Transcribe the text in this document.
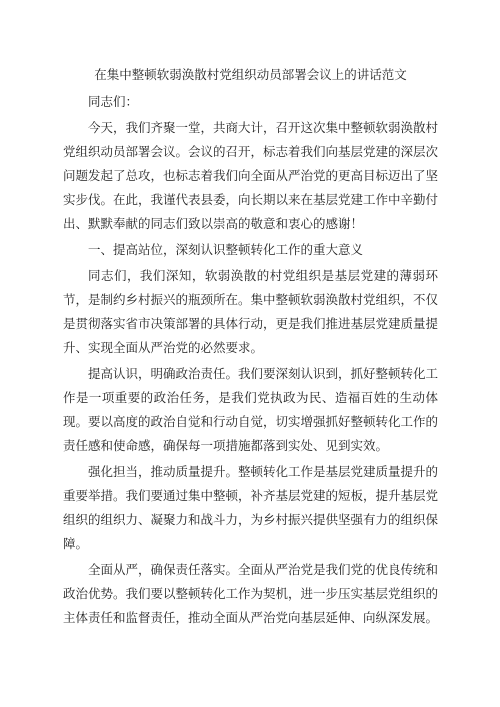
在集中整顿软弱涣散村党组织动员部署会议上的讲话范文

同志们：

今天，我们齐聚一堂，共商大计，召开这次集中整顿软弱涣散村党组织动员部署会议。会议的召开，标志着我们向基层党建的深层次问题发起了总攻，也标志着我们向全面从严治党的更高目标迈出了坚实步伐。在此，我谨代表县委，向长期以来在基层党建工作中辛勤付出、默默奉献的同志们致以崇高的敬意和衷心的感谢！

一、提高站位，深刻认识整顿转化工作的重大意义

同志们，我们深知，软弱涣散的村党组织是基层党建的薄弱环节，是制约乡村振兴的瓶颈所在。集中整顿软弱涣散村党组织，不仅是贯彻落实省市决策部署的具体行动，更是我们推进基层党建质量提升、实现全面从严治党的必然要求。

提高认识，明确政治责任。我们要深刻认识到，抓好整顿转化工作是一项重要的政治任务，是我们党执政为民、造福百姓的生动体现。要以高度的政治自觉和行动自觉，切实增强抓好整顿转化工作的责任感和使命感，确保每一项措施都落到实处、见到实效。

强化担当，推动质量提升。整顿转化工作是基层党建质量提升的重要举措。我们要通过集中整顿，补齐基层党建的短板，提升基层党组织的组织力、凝聚力和战斗力，为乡村振兴提供坚强有力的组织保障。

全面从严，确保责任落实。全面从严治党是我们党的优良传统和政治优势。我们要以整顿转化工作为契机，进一步压实基层党组织的主体责任和监督责任，推动全面从严治党向基层延伸、向纵深发展。
